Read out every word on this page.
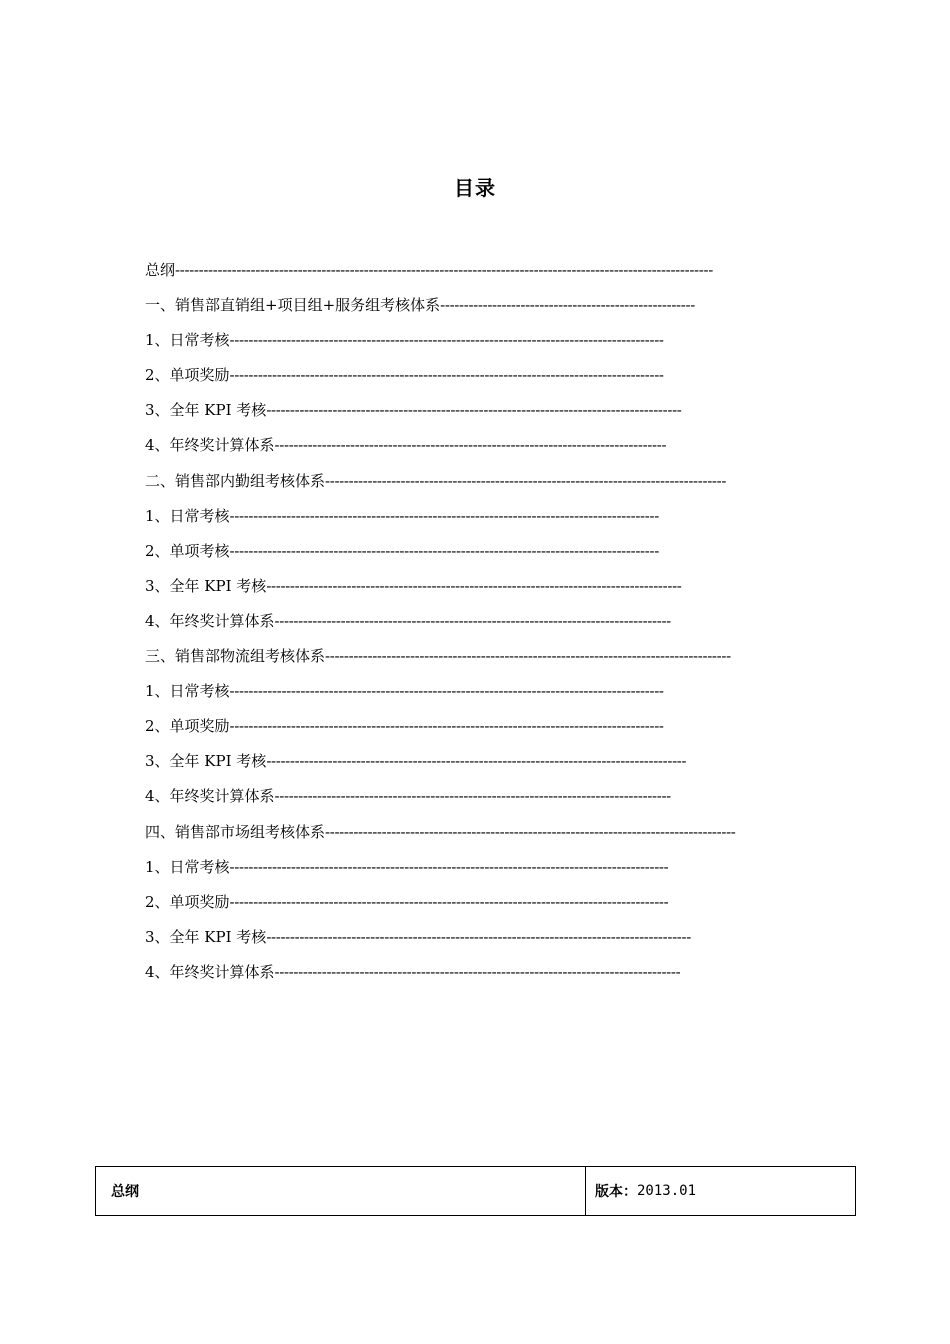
目录
总纲------------------------------------------------------------------------------------------------------------------
一、销售部直销组+项目组+服务组考核体系------------------------------------------------------
1、日常考核--------------------------------------------------------------------------------------------
2、单项奖励--------------------------------------------------------------------------------------------
3、全年 KPI 考核----------------------------------------------------------------------------------------
4、年终奖计算体系-----------------------------------------------------------------------------------
二、销售部内勤组考核体系-------------------------------------------------------------------------------------
1、日常考核-------------------------------------------------------------------------------------------
2、单项考核-------------------------------------------------------------------------------------------
3、全年 KPI 考核----------------------------------------------------------------------------------------
4、年终奖计算体系------------------------------------------------------------------------------------
三、销售部物流组考核体系--------------------------------------------------------------------------------------
1、日常考核--------------------------------------------------------------------------------------------
2、单项奖励--------------------------------------------------------------------------------------------
3、全年 KPI 考核-----------------------------------------------------------------------------------------
4、年终奖计算体系------------------------------------------------------------------------------------
四、销售部市场组考核体系---------------------------------------------------------------------------------------
1、日常考核---------------------------------------------------------------------------------------------
2、单项奖励---------------------------------------------------------------------------------------------
3、全年 KPI 考核------------------------------------------------------------------------------------------
4、年终奖计算体系--------------------------------------------------------------------------------------
总纲	版本： 2013.01
